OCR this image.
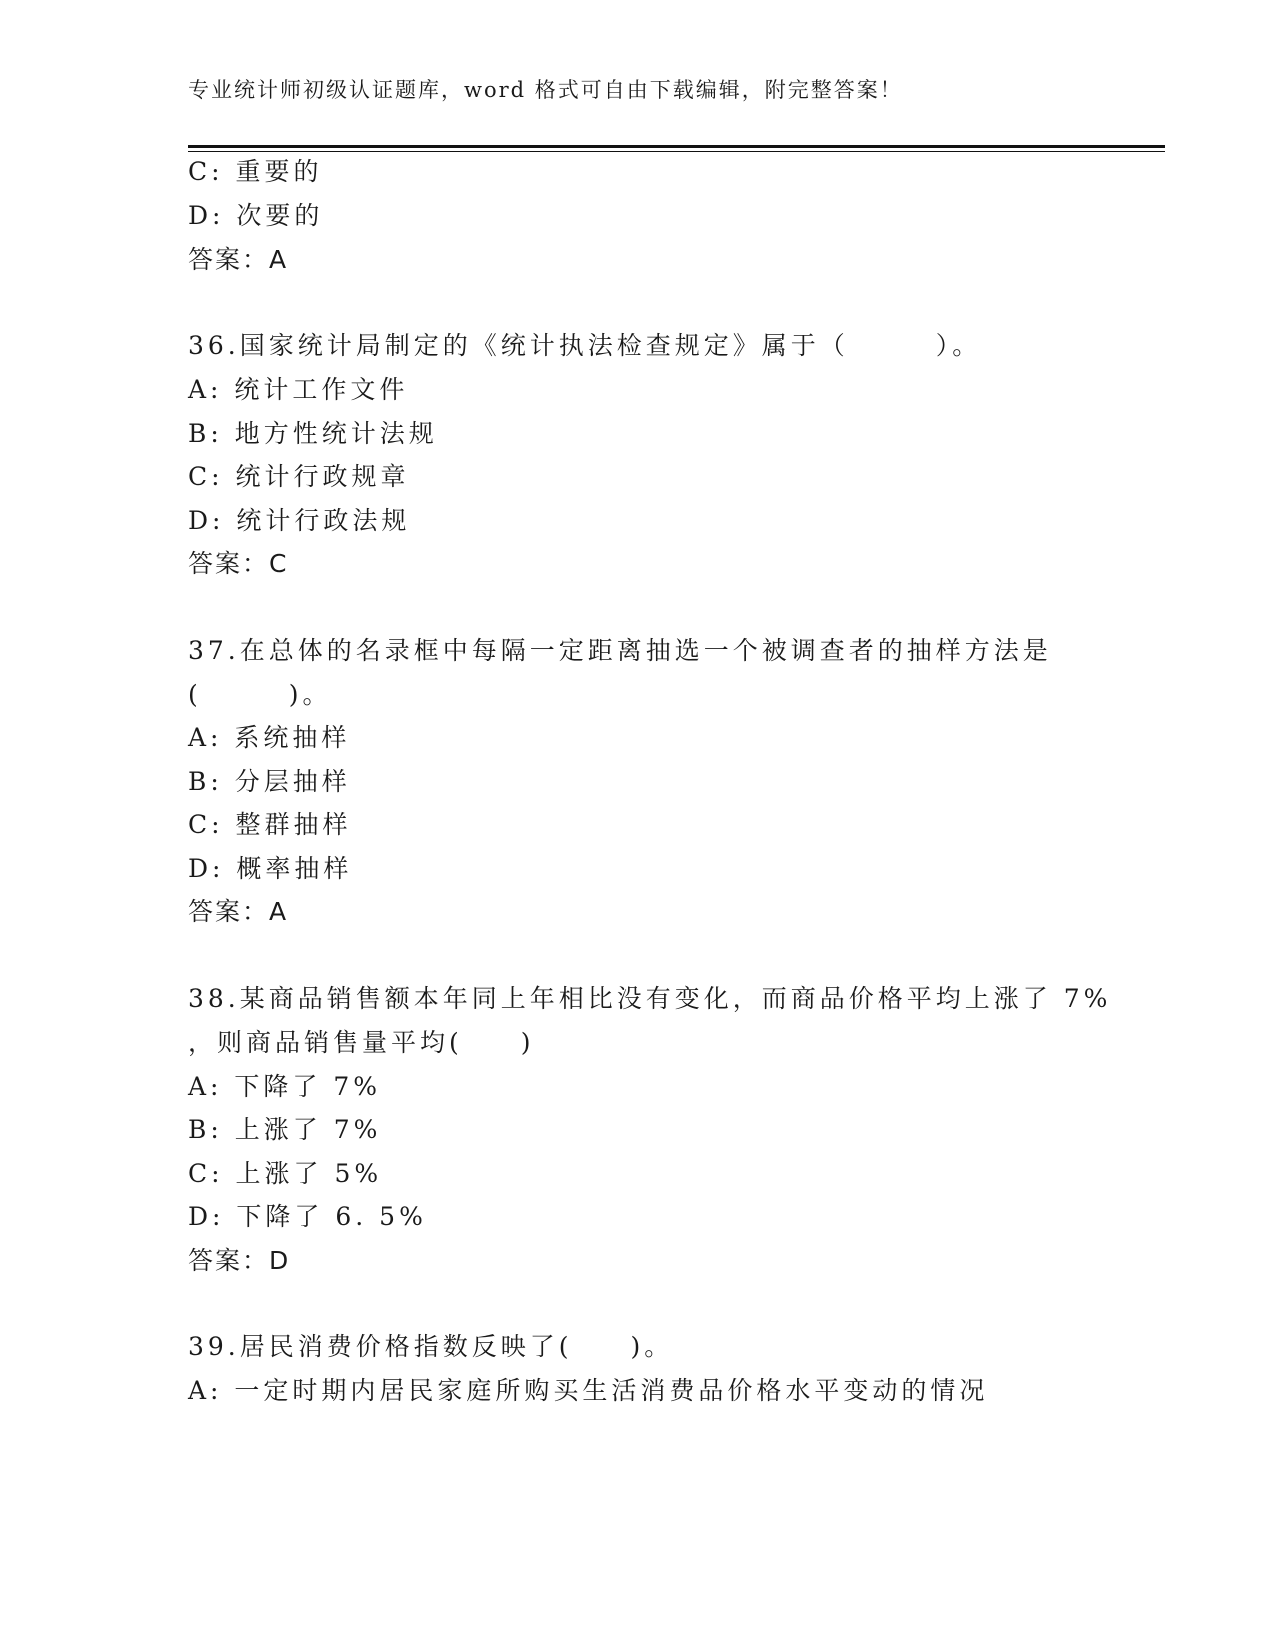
专业统计师初级认证题库，word 格式可自由下载编辑，附完整答案！
C: 重要的
D: 次要的
答案：A
36.国家统计局制定的《统计执法检查规定》属于（　　　）。
A: 统计工作文件
B: 地方性统计法规
C: 统计行政规章
D: 统计行政法规
答案：C
37.在总体的名录框中每隔一定距离抽选一个被调查者的抽样方法是
(　　　)。
A: 系统抽样
B: 分层抽样
C: 整群抽样
D: 概率抽样
答案：A
38.某商品销售额本年同上年相比没有变化，而商品价格平均上涨了 7%
，则商品销售量平均(　　)
A: 下降了 7%
B: 上涨了 7%
C: 上涨了 5%
D: 下降了 6. 5%
答案：D
39.居民消费价格指数反映了(　　)。
A: 一定时期内居民家庭所购买生活消费品价格水平变动的情况
